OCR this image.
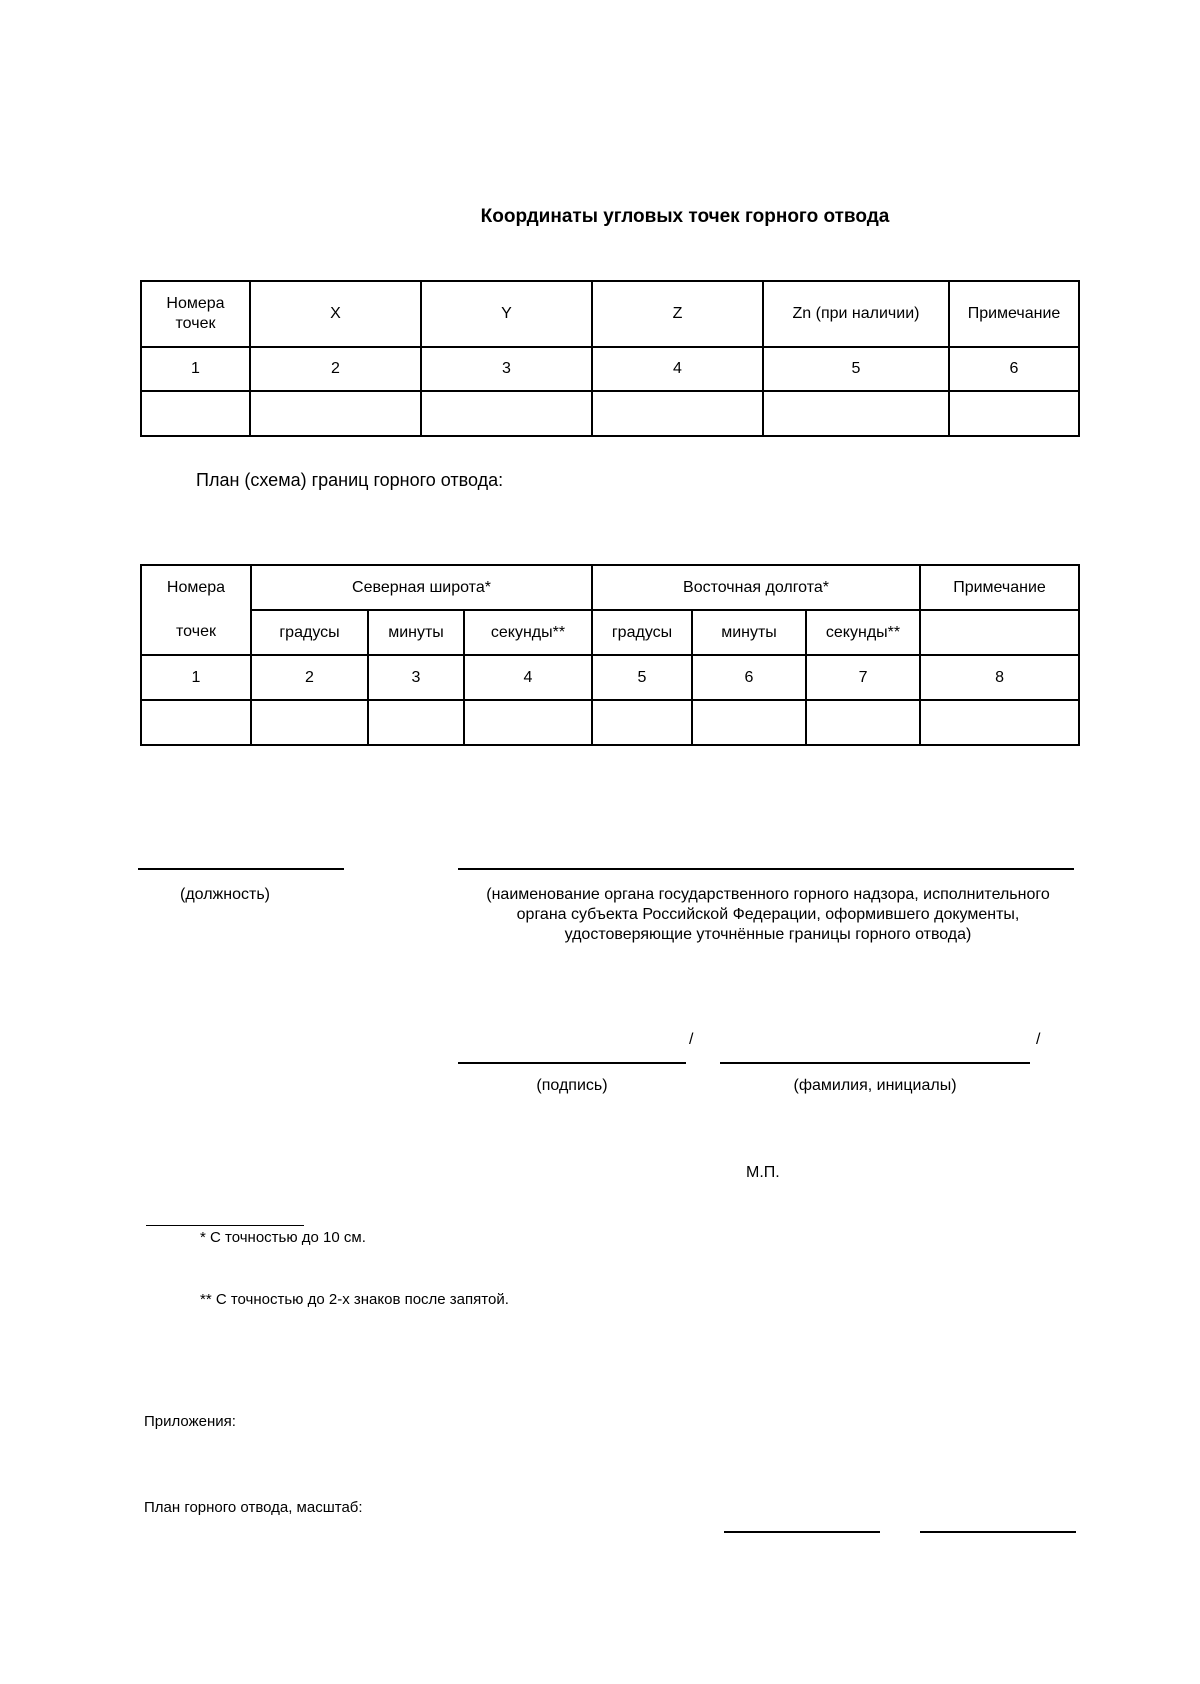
Координаты угловых точек горного отвода
Номера точек	X	Y	Z	Zn (при наличии)	Примечание
1	2	3	4	5	6

План (схема) границ горного отвода:
Номера	Северная широта*			Восточная долгота*			Примечание
точек	градусы	минуты	секунды**	градусы	минуты	секунды**	
1	2	3	4	5	6	7	8

(должность)	(наименование органа государственного горного надзора, исполнительного органа субъекта Российской Федерации, оформившего документы, удостоверяющие уточнённые границы горного отвода)
/	/
(подпись)	(фамилия, инициалы)
М.П.
* С точностью до 10 см.
** С точностью до 2-х знаков после запятой.
Приложения:
План горного отвода, масштаб:
